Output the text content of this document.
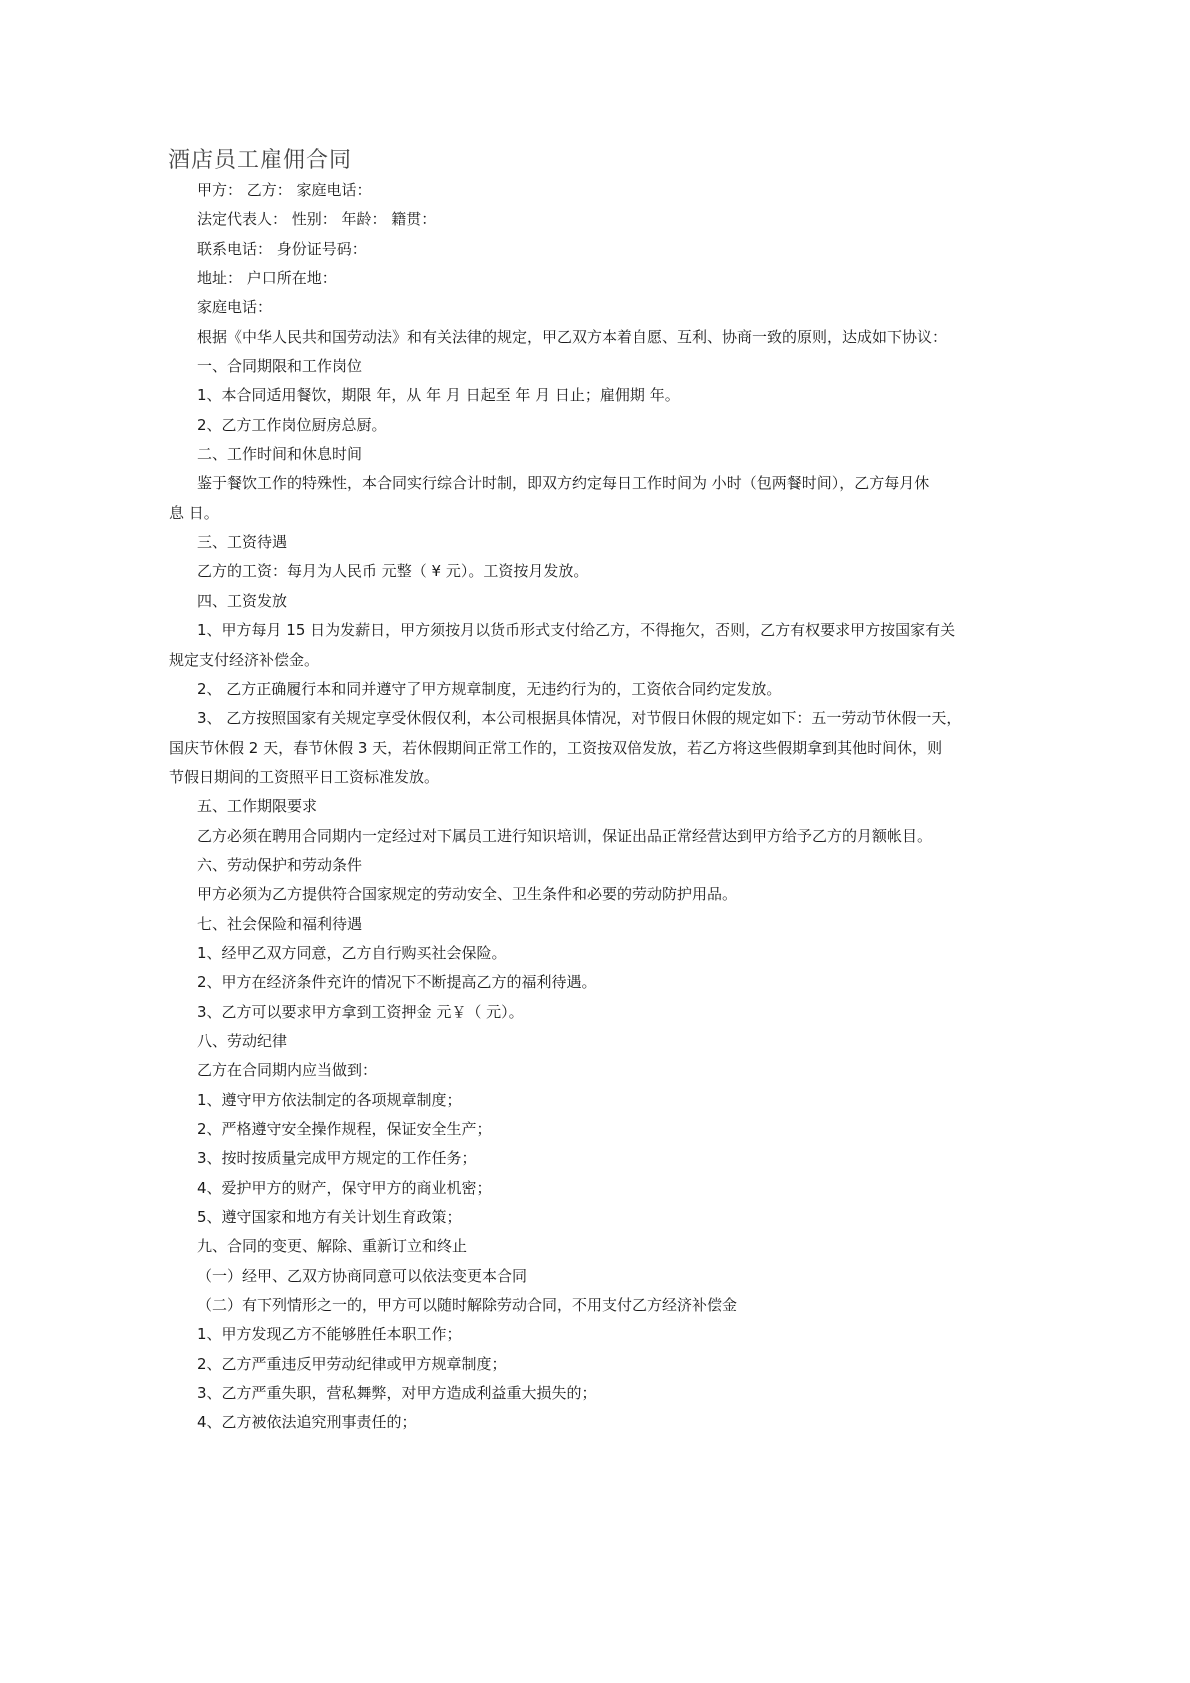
酒店员工雇佣合同
甲方： 乙方： 家庭电话：
法定代表人： 性别： 年龄： 籍贯：
联系电话： 身份证号码：
地址： 户口所在地：
家庭电话：
根据《中华人民共和国劳动法》和有关法律的规定，甲乙双方本着自愿、互利、协商一致的原则，达成如下协议：
一、合同期限和工作岗位
1、本合同适用餐饮，期限 年，从 年 月 日起至 年 月 日止；雇佣期 年。
2、乙方工作岗位厨房总厨。
二、工作时间和休息时间
鉴于餐饮工作的特殊性，本合同实行综合计时制，即双方约定每日工作时间为 小时（包两餐时间），乙方每月休
息 日。
三、工资待遇
乙方的工资：每月为人民币 元整（ ¥ 元）。工资按月发放。
四、工资发放
1、甲方每月 15 日为发薪日，甲方须按月以货币形式支付给乙方，不得拖欠，否则，乙方有权要求甲方按国家有关
规定支付经济补偿金。
2、 乙方正确履行本和同并遵守了甲方规章制度，无违约行为的，工资依合同约定发放。
3、 乙方按照国家有关规定享受休假仅利，本公司根据具体情况，对节假日休假的规定如下：五一劳动节休假一天，
国庆节休假 2 天，春节休假 3 天，若休假期间正常工作的，工资按双倍发放，若乙方将这些假期拿到其他时间休，则
节假日期间的工资照平日工资标准发放。
五、工作期限要求
乙方必须在聘用合同期内一定经过对下属员工进行知识培训，保证出品正常经营达到甲方给予乙方的月额帐目。
六、劳动保护和劳动条件
甲方必须为乙方提供符合国家规定的劳动安全、卫生条件和必要的劳动防护用品。
七、社会保险和福利待遇
1、经甲乙双方同意，乙方自行购买社会保险。
2、甲方在经济条件充许的情况下不断提高乙方的福利待遇。
3、乙方可以要求甲方拿到工资押金 元￥（ 元）。
八、劳动纪律
乙方在合同期内应当做到：
1、遵守甲方依法制定的各项规章制度；
2、严格遵守安全操作规程，保证安全生产；
3、按时按质量完成甲方规定的工作任务；
4、爱护甲方的财产，保守甲方的商业机密；
5、遵守国家和地方有关计划生育政策；
九、合同的变更、解除、重新订立和终止
（一）经甲、乙双方协商同意可以依法变更本合同
（二）有下列情形之一的，甲方可以随时解除劳动合同，不用支付乙方经济补偿金
1、甲方发现乙方不能够胜任本职工作；
2、乙方严重违反甲劳动纪律或甲方规章制度；
3、乙方严重失职，营私舞弊，对甲方造成利益重大损失的；
4、乙方被依法追究刑事责任的；
